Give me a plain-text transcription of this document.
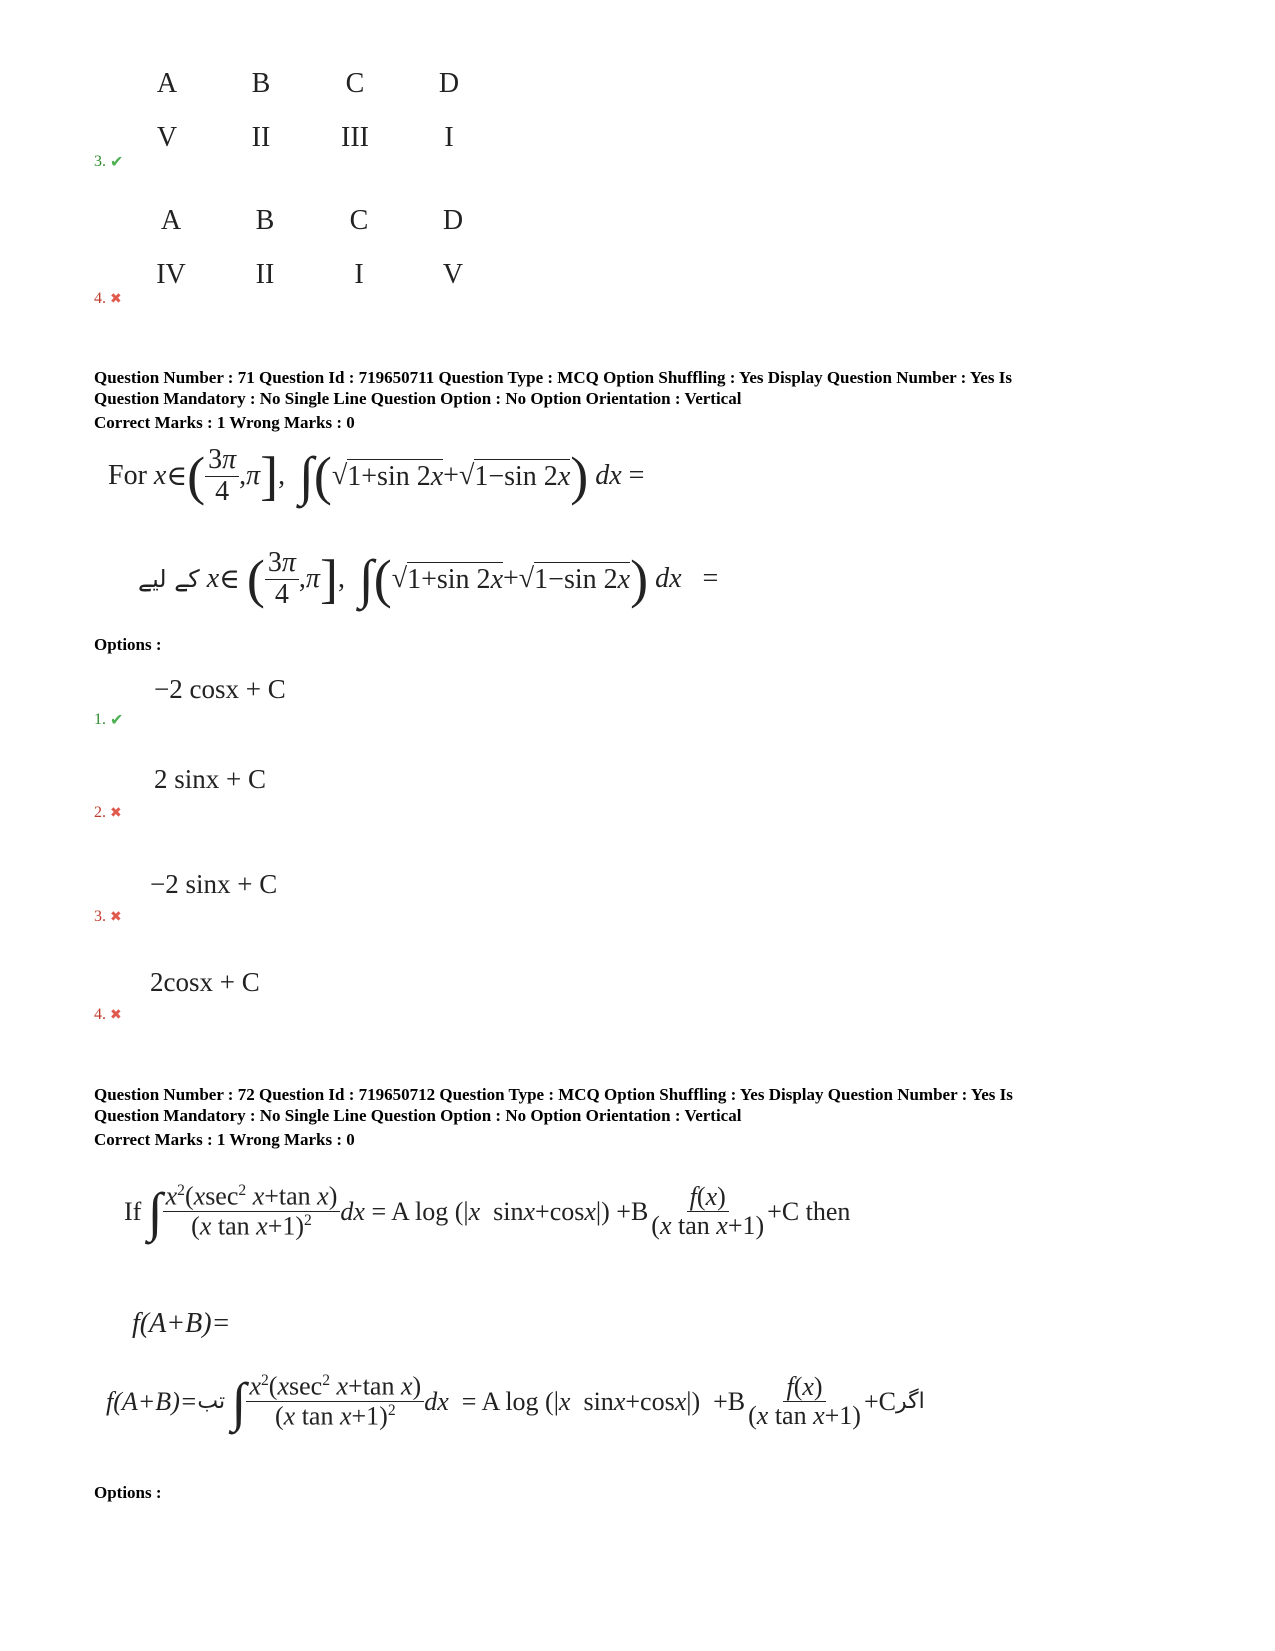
A	B	C	D
V	II	III	I
3. ✔
A	B	C	D
IV	II	I	V
4. ✖
Question Number : 71 Question Id : 719650711 Question Type : MCQ Option Shuffling : Yes Display Question Number : Yes Is
Question Mandatory : No Single Line Question Option : No Option Orientation : Vertical
Correct Marks : 1 Wrong Marks : 0
For
x ∈ ( $\frac{3\pi}{4}$ , π ] , ∫( √ 1+sin 2x +√ 1−sin 2x )
dx =
کے لیے
x ∈ ( $\frac{3\pi}{4}$ , π ] , ∫( √ 1+sin 2x +√ 1−sin 2x )
dx =
Options :
−2 cosx + C
1. ✔
2 sinx + C
2. ✖
−2 sinx + C
3. ✖
2cosx + C
4. ✖
Question Number : 72 Question Id : 719650712 Question Type : MCQ Option Shuffling : Yes Display Question Number : Yes Is
Question Mandatory : No Single Line Question Option : No Option Orientation : Vertical
Correct Marks : 1 Wrong Marks : 0
If
∫ $\frac{x^2(xsec^2 x+\tan x)}{(x \tan x+1)^2}$ dx = A log (| x sin x +cos x |) $+B \frac{f(x)}{\text{(x tan x+1)}} +C$ then
f(A+B)=
f(A+B)= تب
∫ $\frac{x^2(xsec^2 x+\tan x)}{(x \tan x+1)^2}$ dx = A log (| x sin x +cos x |)  $+B \frac{f(x)}{\text{(x tan x+1)}} +C$ اگر
Options :
